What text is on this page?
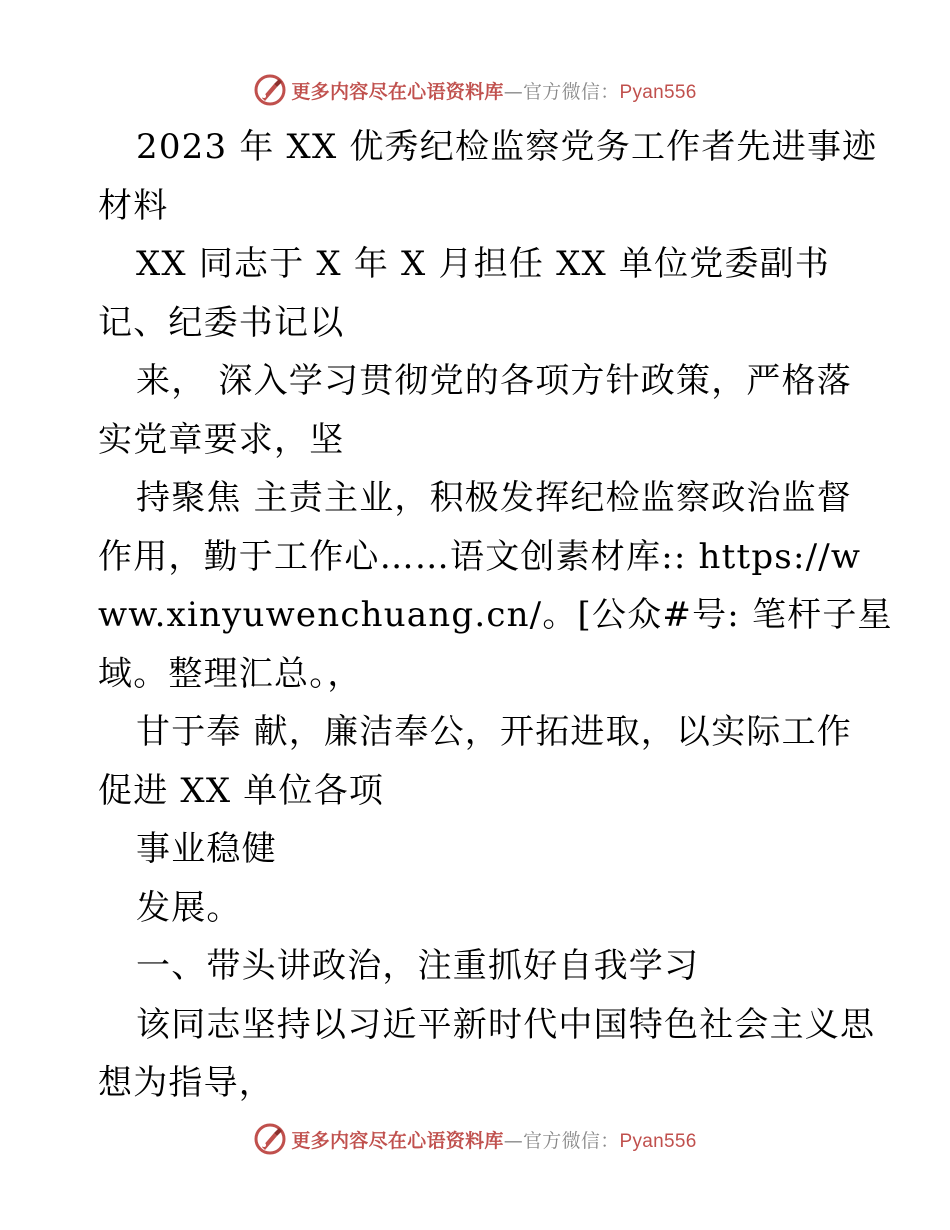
更多内容尽在心语资料库—官方微信：Pyan556
2023 年 XX 优秀纪检监察党务工作者先进事迹
材料
XX 同志于 X 年 X 月担任 XX 单位党委副书
记、纪委书记以
来， 深入学习贯彻党的各项方针政策，严格落
实党章要求，坚
持聚焦 主责主业，积极发挥纪检监察政治监督
作用，勤于工作心……语文创素材库:: https://w
ww.xinyuwenchuang.cn/。[公众#号: 笔杆子星
域。整理汇总。，
甘于奉 献，廉洁奉公，开拓进取，以实际工作
促进 XX 单位各项
事业稳健
发展。
一、带头讲政治，注重抓好自我学习
该同志坚持以习近平新时代中国特色社会主义思
想为指导，
更多内容尽在心语资料库—官方微信：Pyan556
